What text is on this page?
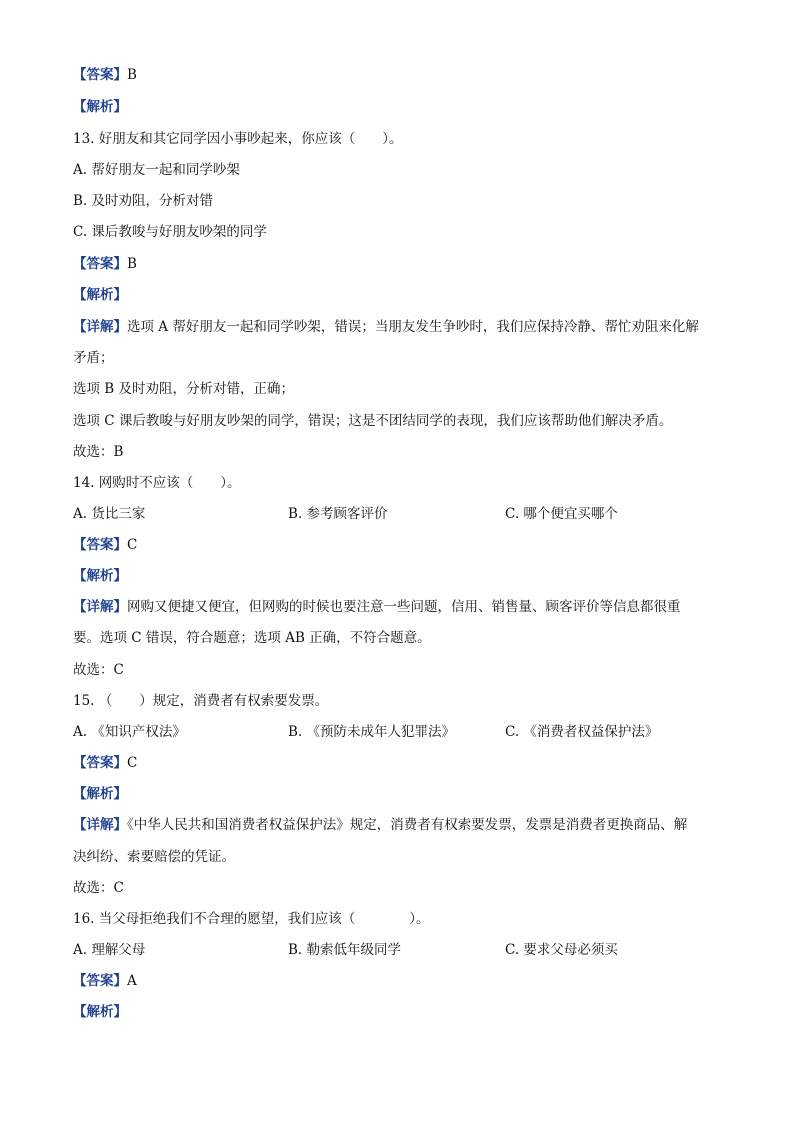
【答案】B
【解析】
13. 好朋友和其它同学因小事吵起来，你应该（　　）。
A. 帮好朋友一起和同学吵架
B. 及时劝阻，分析对错
C. 课后教唆与好朋友吵架的同学
【答案】B
【解析】
【详解】选项 A 帮好朋友一起和同学吵架，错误；当朋友发生争吵时，我们应保持冷静、帮忙劝阻来化解
矛盾；
选项 B 及时劝阻，分析对错，正确；
选项 C 课后教唆与好朋友吵架的同学，错误；这是不团结同学的表现，我们应该帮助他们解决矛盾。
故选：B
14. 网购时不应该（　　）。
A. 货比三家	B. 参考顾客评价	C. 哪个便宜买哪个
【答案】C
【解析】
【详解】网购又便捷又便宜，但网购的时候也要注意一些问题，信用、销售量、顾客评价等信息都很重
要。选项 C 错误，符合题意；选项 AB 正确，不符合题意。
故选：C
15. （　　）规定，消费者有权索要发票。
A. 《知识产权法》	B. 《预防未成年人犯罪法》	C. 《消费者权益保护法》
【答案】C
【解析】
【详解】《中华人民共和国消费者权益保护法》规定，消费者有权索要发票，发票是消费者更换商品、解
决纠纷、索要赔偿的凭证。
故选：C
16. 当父母拒绝我们不合理的愿望，我们应该（　　　　）。
A. 理解父母	B. 勒索低年级同学	C. 要求父母必须买
【答案】A
【解析】
